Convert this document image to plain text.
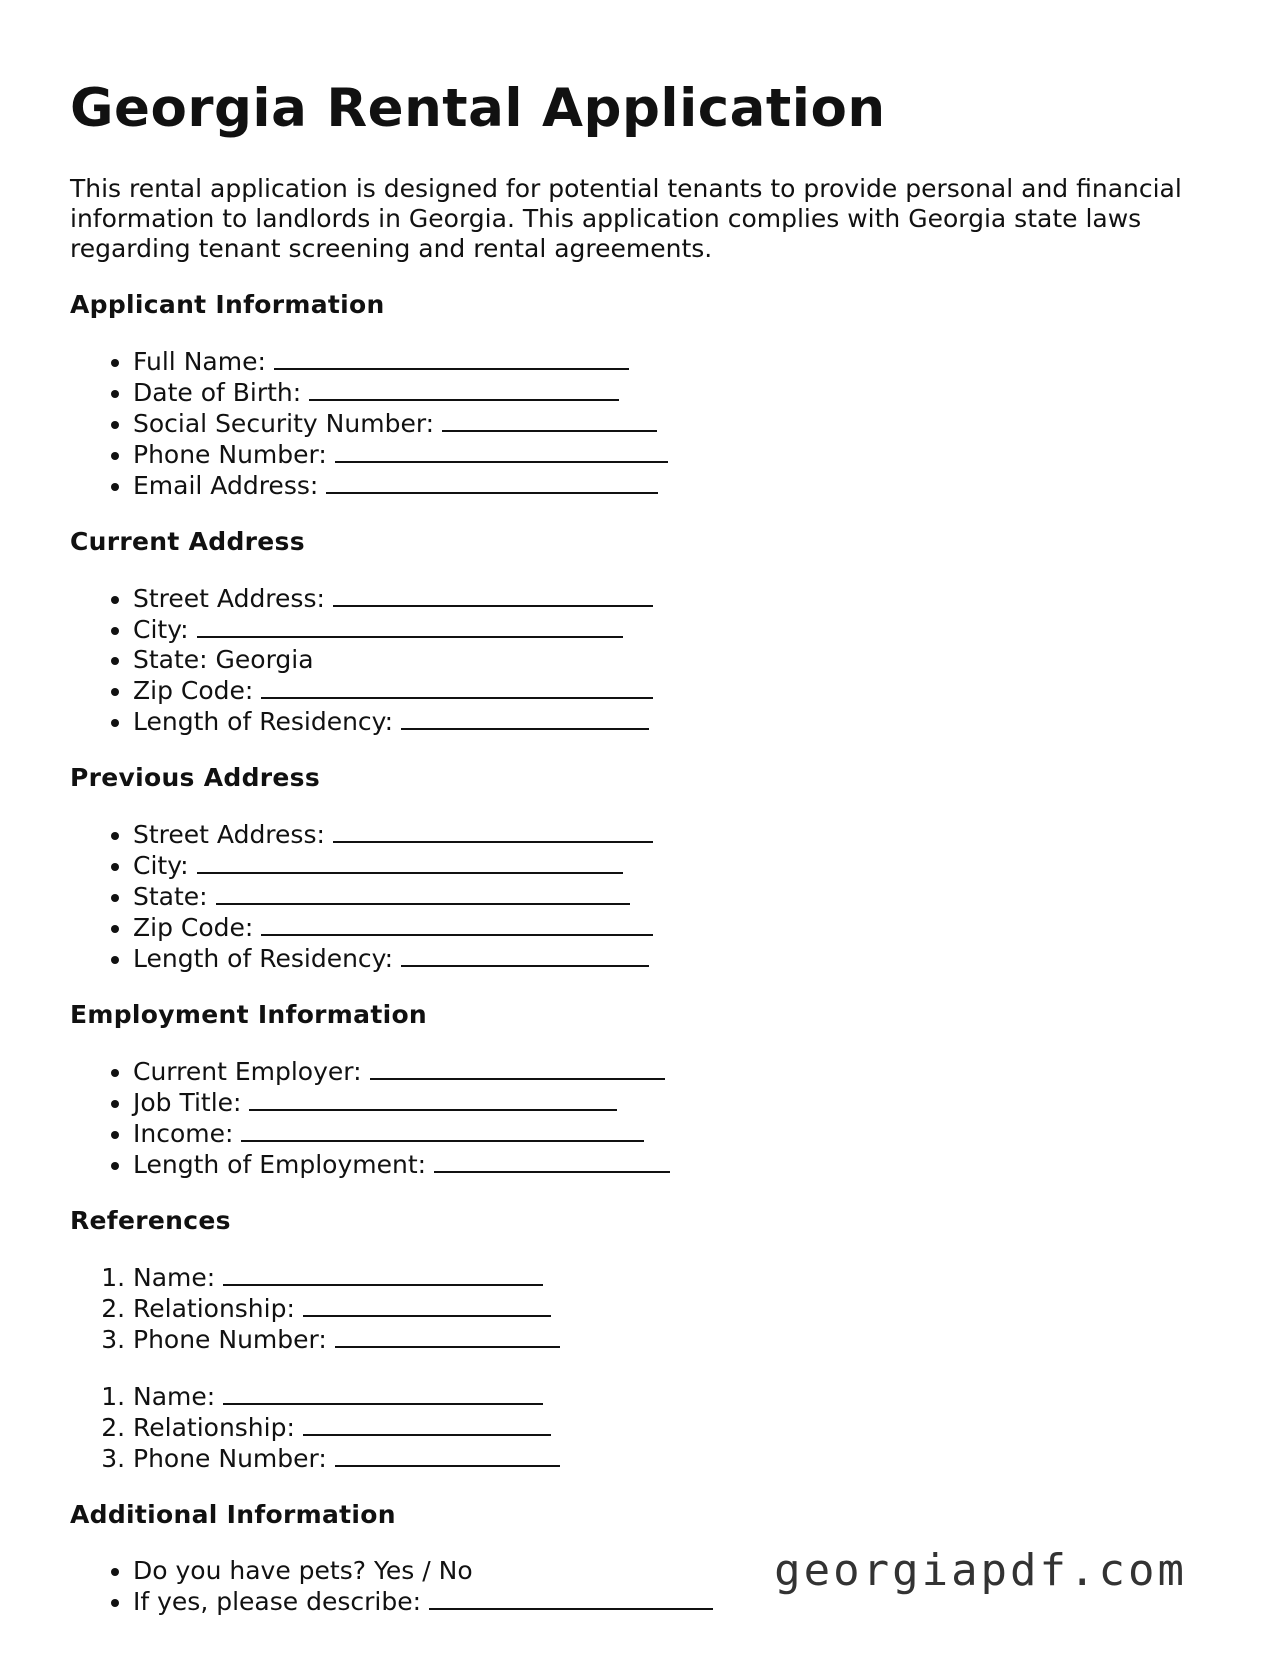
Georgia Rental Application

This rental application is designed for potential tenants to provide personal and financial information to landlords in Georgia. This application complies with Georgia state laws regarding tenant screening and rental agreements.

Applicant Information
• Full Name:
• Date of Birth:
• Social Security Number:
• Phone Number:
• Email Address:
Current Address
• Street Address:
• City:
• State: Georgia
• Zip Code:
• Length of Residency:
Previous Address
• Street Address:
• City:
• State:
• Zip Code:
• Length of Residency:
Employment Information
• Current Employer:
• Job Title:
• Income:
• Length of Employment:
References
1. Name:
2. Relationship:
3. Phone Number:
1. Name:
2. Relationship:
3. Phone Number:
Additional Information
• Do you have pets? Yes / No
• If yes, please describe:
georgiapdf.com
